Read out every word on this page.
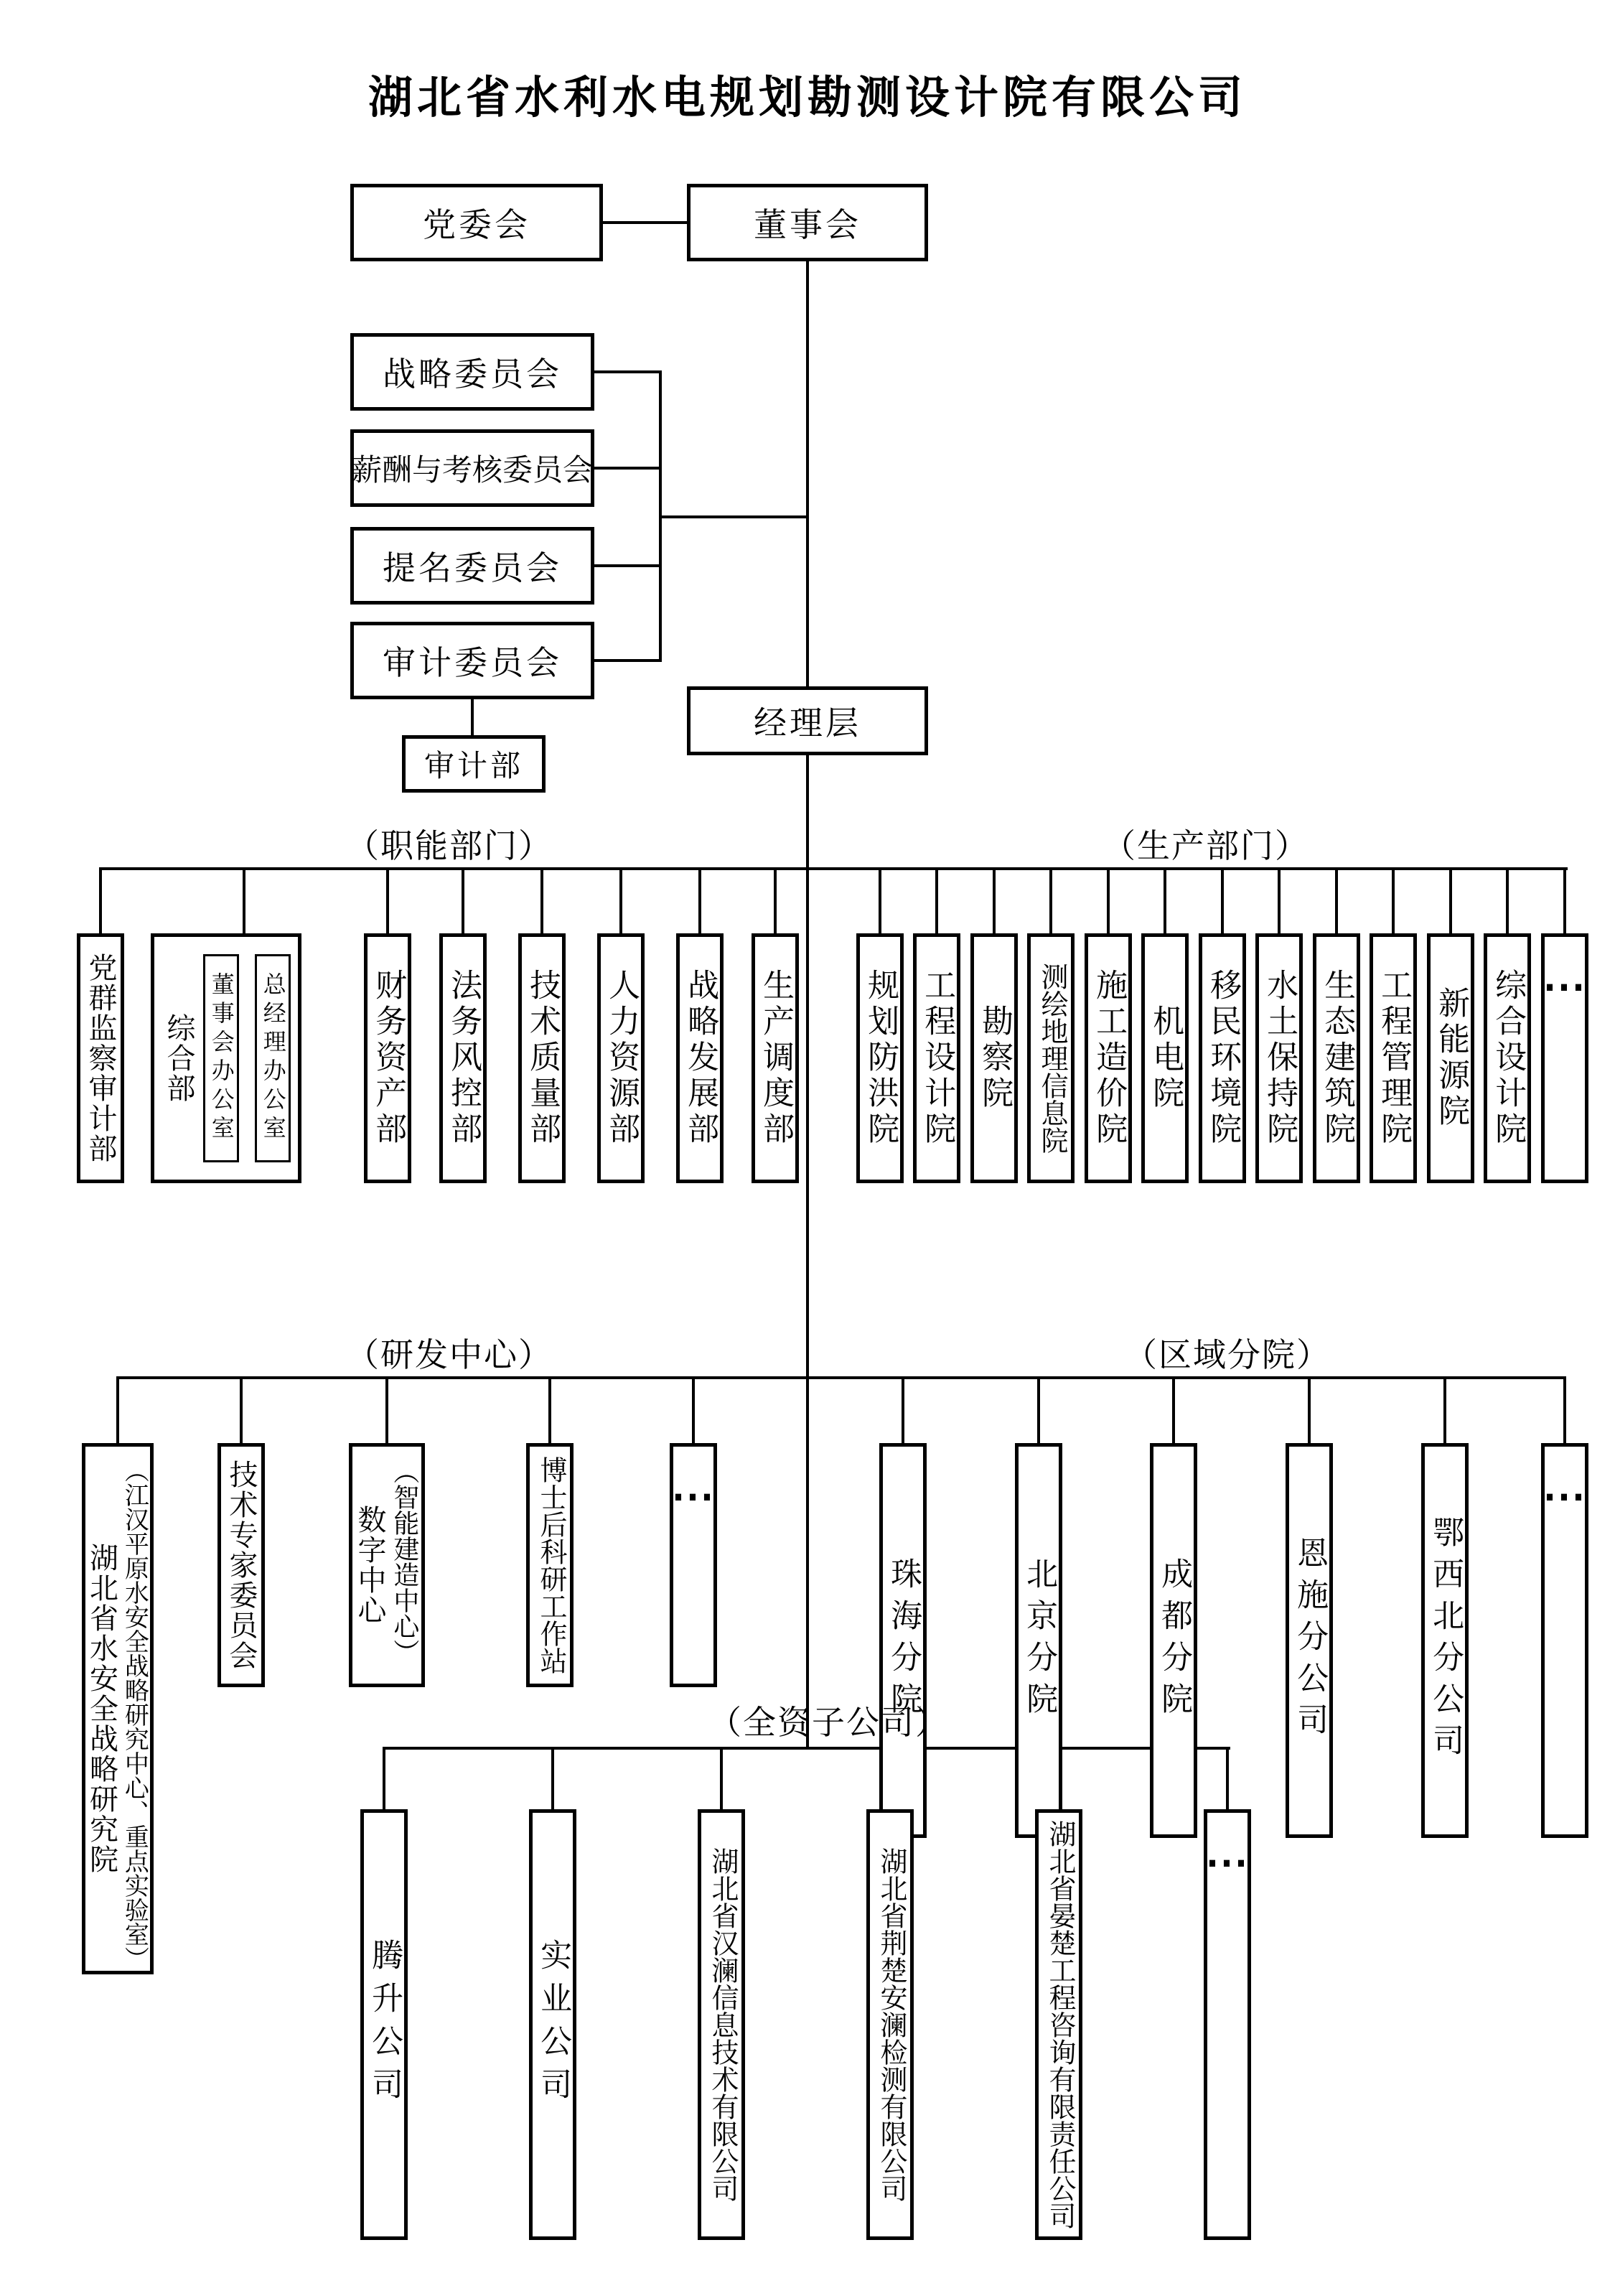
湖北省水利水电规划勘测设计院有限公司
党委会	董事会
战略委员会
薪酬与考核委员会
提名委员会
审计委员会
审计部
经理层
（职能部门）	（生产部门）
（研发中心）	（区域分院）
（全资子公司）
党群监察审计部 综合部 董事会办公室 总经理办公室	财务资产部 法务风控部 技术质量部 人力资源部 战略发展部 生产调度部 规划防洪院 工程设计院 勘察院 测绘地理信息院 施工造价院 机电院 移民环境院 水土保持院 生态建筑院 工程管理院 新能源院 综合设计院 ⋯
湖北省水安全战略研究院 （江汉平原水安全战略研究中心、重点实验室）	技术专家委员会	数字中心 （智能建造中心）	博士后科研工作站 ⋯
珠海分院	北京分院	成都分院	恩施分公司	鄂西北分公司
⋯
腾升公司	实业公司	湖北省汉澜信息技术有限公司	湖北省荆楚安澜检测有限公司	湖北省晏楚工程咨询有限责任公司	⋯
